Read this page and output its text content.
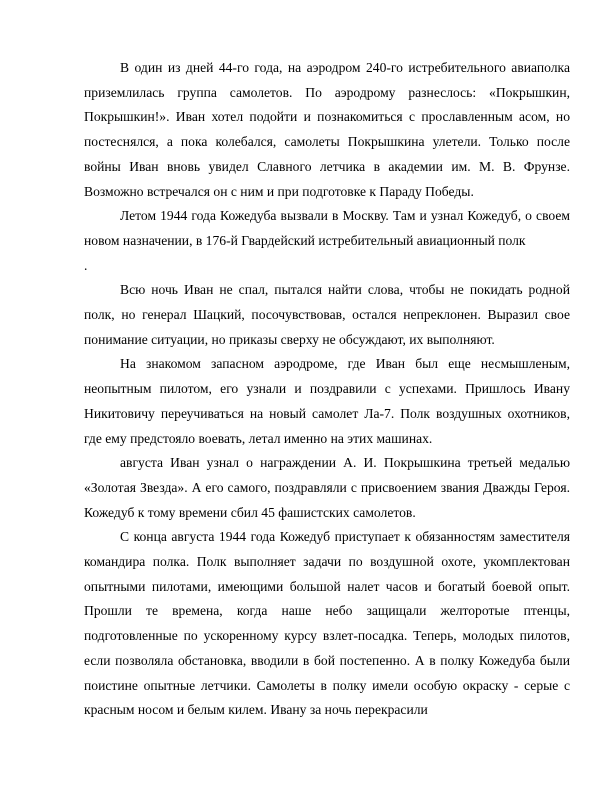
В один из дней 44-го года, на аэродром 240-го истребительного авиаполка приземлилась группа самолетов. По аэродрому разнеслось: «Покрышкин, Покрышкин!». Иван хотел подойти и познакомиться с прославленным асом, но постеснялся, а пока колебался, самолеты Покрышкина улетели. Только после войны Иван вновь увидел Славного летчика в академии им. М. В. Фрунзе. Возможно встречался он с ним и при подготовке к Параду Победы.

Летом 1944 года Кожедуба вызвали в Москву. Там и узнал Кожедуб, о своем новом назначении, в 176-й Гвардейский истребительный авиационный полк

.

Всю ночь Иван не спал, пытался найти слова, чтобы не покидать родной полк, но генерал Шацкий, посочувствовав, остался непреклонен. Выразил свое понимание ситуации, но приказы сверху не обсуждают, их выполняют.

На знакомом запасном аэродроме, где Иван был еще несмышленым, неопытным пилотом, его узнали и поздравили с успехами. Пришлось Ивану Никитовичу переучиваться на новый самолет Ла-7. Полк воздушных охотников, где ему предстояло воевать, летал именно на этих машинах.

августа Иван узнал о награждении А. И. Покрышкина третьей медалью «Золотая Звезда». А его самого, поздравляли с присвоением звания Дважды Героя. Кожедуб к тому времени сбил 45 фашистских самолетов.

С конца августа 1944 года Кожедуб приступает к обязанностям заместителя командира полка. Полк выполняет задачи по воздушной охоте, укомплектован опытными пилотами, имеющими большой налет часов и богатый боевой опыт. Прошли те времена, когда наше небо защищали желторотые птенцы, подготовленные по ускоренному курсу взлет-посадка. Теперь, молодых пилотов, если позволяла обстановка, вводили в бой постепенно. А в полку Кожедуба были поистине опытные летчики. Самолеты в полку имели особую окраску - серые с красным носом и белым килем. Ивану за ночь перекрасили
